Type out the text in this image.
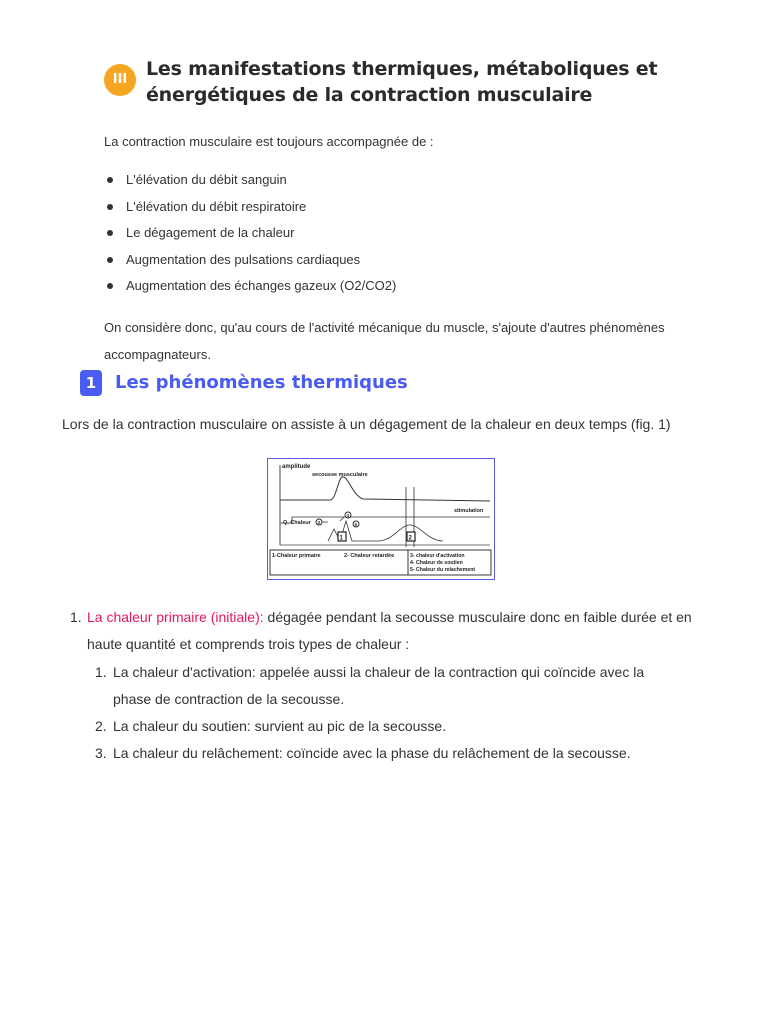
III Les manifestations thermiques, métaboliques et énergétiques de la contraction musculaire

La contraction musculaire est toujours accompagnée de :

L'élévation du débit sanguin
L'élévation du débit respiratoire
Le dégagement de la chaleur
Augmentation des pulsations cardiaques
Augmentation des échanges gazeux (O2/CO2)

On considère donc, qu'au cours de l'activité mécanique du muscle, s'ajoute d'autres phénomènes accompagnateurs.

1	Les phénomènes thermiques

Lors de la contraction musculaire on assiste à un dégagement de la chaleur en deux temps (fig. 1)

amplitude
secousse musculaire
stimulation
Q. Chaleur
1	2
3
4
5
1-Chaleur primaire	2- Chaleur retardée	3- chaleur d'activation
4- Chaleur de soutien
5- Chaleur du relachement
1. La chaleur primaire (initiale): dégagée pendant la secousse musculaire donc en faible durée et en haute quantité et comprends trois types de chaleur :
1. La chaleur d'activation: appelée aussi la chaleur de la contraction qui coïncide avec la
phase de contraction de la secousse.
2. La chaleur du soutien: survient au pic de la secousse.
3. La chaleur du relâchement: coïncide avec la phase du relâchement de la secousse.
